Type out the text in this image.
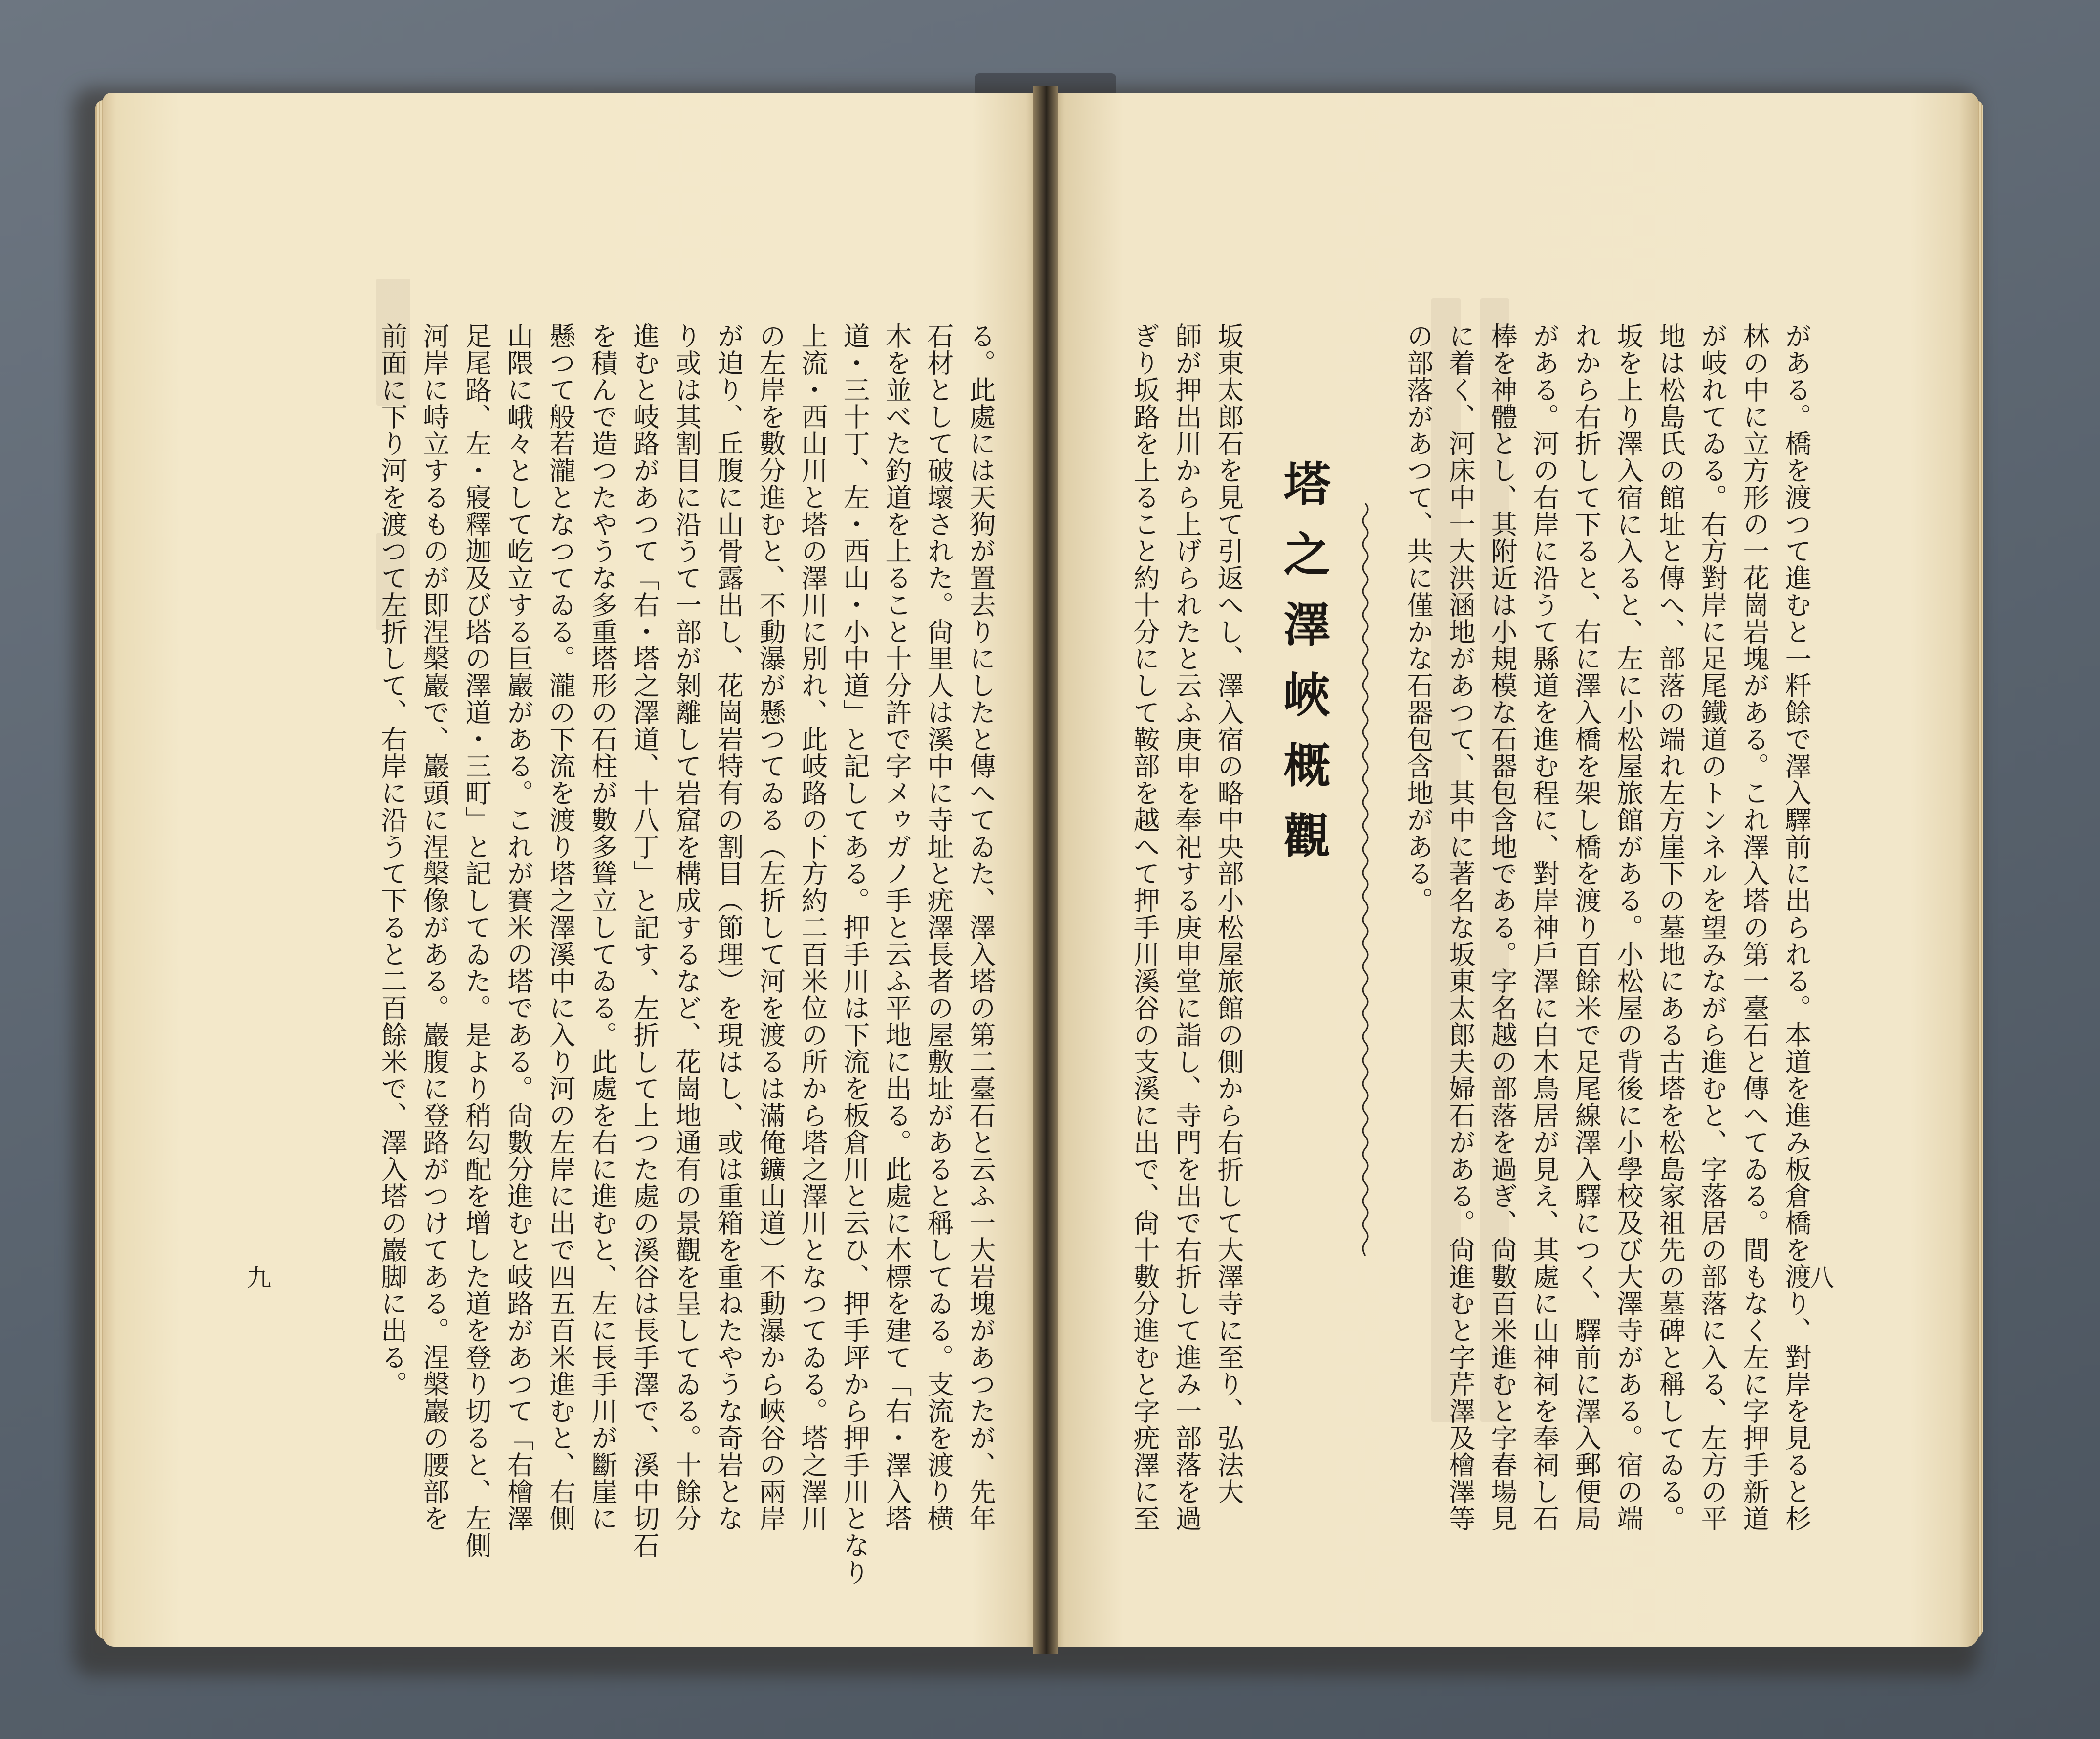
る。此處には天狗が置去りにしたと傳へてゐた、澤入塔の第二臺石と云ふ一大岩塊があつたが、先年
石材として破壞された。尙里人は溪中に寺址と疣澤長者の屋敷址があると稱してゐる。支流を渡り横
木を並べた釣道を上ること十分許で字メゥガノ手と云ふ平地に出る。此處に木標を建て「右・澤入塔
道・三十丁、左・西山・小中道」と記してある。押手川は下流を板倉川と云ひ、押手坪から押手川となり
上流・西山川と塔の澤川に別れ、此岐路の下方約二百米位の所から塔之澤川となつてゐる。塔之澤川
の左岸を數分進むと、不動瀑が懸つてゐる（左折して河を渡るは滿俺鑛山道）不動瀑から峽谷の兩岸
が迫り、丘腹に山骨露出し、花崗岩特有の割目（節理）を現はし、或は重箱を重ねたやうな奇岩とな
り或は其割目に沿うて一部が剝離して岩窟を構成するなど、花崗地通有の景觀を呈してゐる。十餘分
進むと岐路があつて「右・塔之澤道、十八丁」と記す、左折して上つた處の溪谷は長手澤で、溪中切石
を積んで造つたやうな多重塔形の石柱が數多聳立してゐる。此處を右に進むと、左に長手川が斷崖に
懸つて般若瀧となつてゐる。瀧の下流を渡り塔之澤溪中に入り河の左岸に出で四五百米進むと、右側
山隈に峨々として屹立する巨巖がある。これが賽米の塔である。尙數分進むと岐路があつて「右檜澤
足尾路、左・寢釋迦及び塔の澤道・三町」と記してゐた。是より稍勾配を增した道を登り切ると、左側
河岸に峙立するものが即涅槃巖で、巖頭に涅槃像がある。巖腹に登路がつけてある。涅槃巖の腰部を
前面に下り河を渡つて左折して、右岸に沿うて下ると二百餘米で、澤入塔の巖脚に出る。
九	がある。橋を渡つて進むと一粁餘で澤入驛前に出られる。本道を進み板倉橋を渡り、對岸を見ると杉
林の中に立方形の一花崗岩塊がある。これ澤入塔の第一臺石と傳へてゐる。間もなく左に字押手新道
が岐れてゐる。右方對岸に足尾鐵道のトンネルを望みながら進むと、字落居の部落に入る、左方の平
地は松島氏の館址と傳へ、部落の端れ左方崖下の墓地にある古塔を松島家祖先の墓碑と稱してゐる。
坂を上り澤入宿に入ると、左に小松屋旅館がある。小松屋の背後に小學校及び大澤寺がある。宿の端
れから右折して下ると、右に澤入橋を架し橋を渡り百餘米で足尾線澤入驛につく、驛前に澤入郵便局
がある。河の右岸に沿うて縣道を進む程に、對岸神戶澤に白木鳥居が見え、其處に山神祠を奉祠し石
棒を神體とし、其附近は小規模な石器包含地である。字名越の部落を過ぎ、尙數百米進むと字春場見
に着く、河床中一大洪涵地があつて、其中に著名な坂東太郎夫婦石がある。尙進むと字芹澤及檜澤等
の部落があつて、共に僅かな石器包含地がある。
塔之澤峽概觀
坂東太郎石を見て引返へし、澤入宿の略中央部小松屋旅館の側から右折して大澤寺に至り、弘法大
師が押出川から上げられたと云ふ庚申を奉祀する庚申堂に詣し、寺門を出で右折して進み一部落を過
ぎり坂路を上ること約十分にして鞍部を越へて押手川溪谷の支溪に出で、尙十數分進むと字疣澤に至	八
